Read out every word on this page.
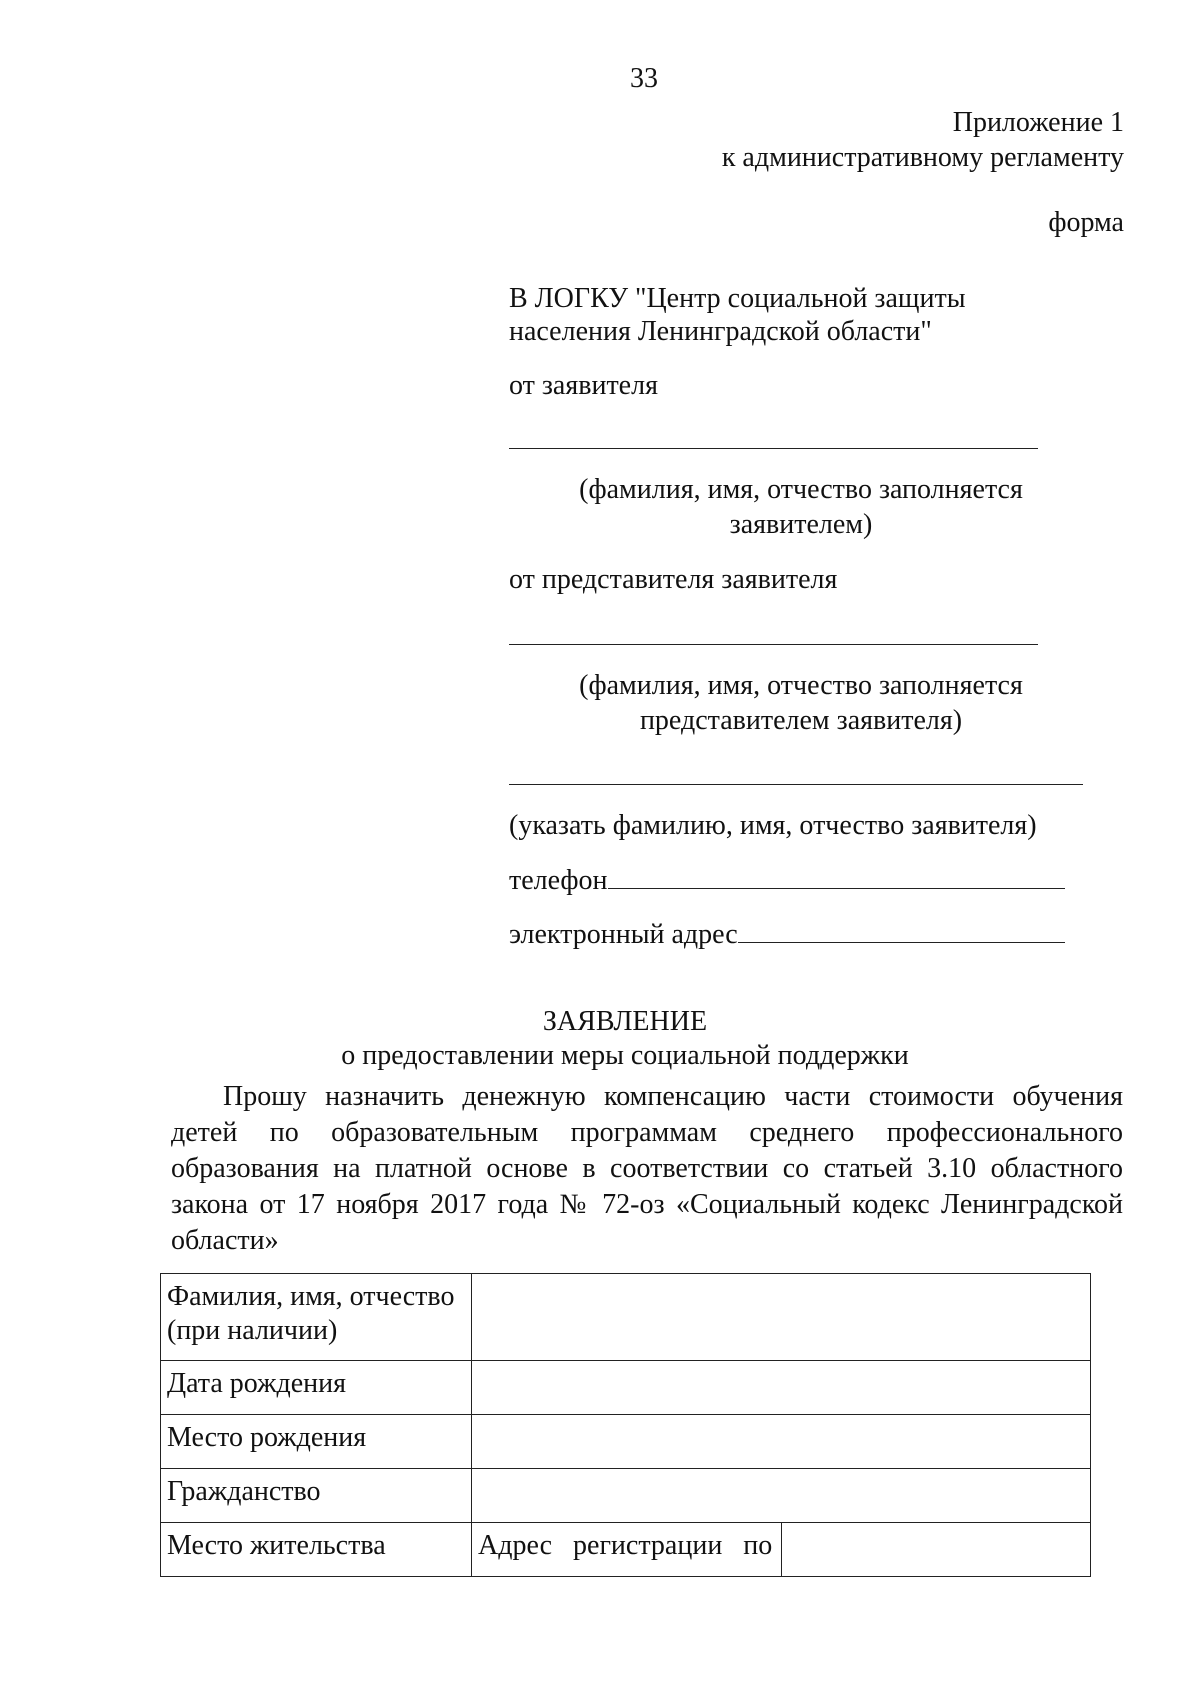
33
Приложение 1
к административному регламенту
форма
В ЛОГКУ "Центр социальной защиты
населения Ленинградской области"
от заявителя
(фамилия, имя, отчество заполняется
заявителем)
от представителя заявителя
(фамилия, имя, отчество заполняется
представителем заявителя)
(указать фамилию, имя, отчество заявителя)
телефон
электронный адрес
ЗАЯВЛЕНИЕ
о предоставлении меры социальной поддержки
Прошу назначить денежную компенсацию части стоимости обучения детей по образовательным программам среднего профессионального образования на платной основе в соответствии со статьей 3.10 областного закона от 17 ноября 2017 года № 72-оз «Социальный кодекс Ленинградской области»
Фамилия, имя, отчество (при наличии)		
Дата рождения		
Место рождения		
Гражданство		
Место жительства	Адрес   регистрации   по	
